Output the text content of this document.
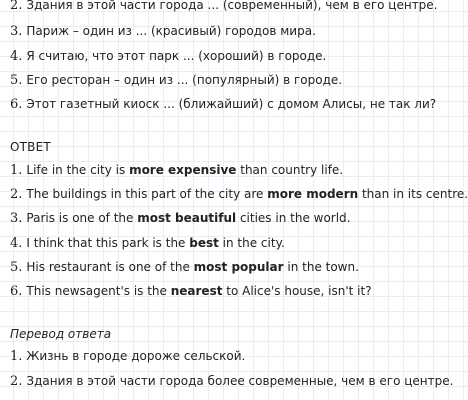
2. Здания в этой части города ... (современный), чем в его центре.
3. Париж – один из ... (красивый) городов мира.
4. Я считаю, что этот парк ... (хороший) в городе.
5. Его ресторан – один из ... (популярный) в городе.
6. Этот газетный киоск ... (ближайший) с домом Алисы, не так ли?
ОТВЕТ
1. Life in the city is more expensive than country life.
2. The buildings in this part of the city are more modern than in its centre.
3. Paris is one of the most beautiful cities in the world.
4. I think that this park is the best in the city.
5. His restaurant is one of the most popular in the town.
6. This newsagent's is the nearest to Alice's house, isn't it?
Перевод ответа
1. Жизнь в городе дороже сельской.
2. Здания в этой части города более современные, чем в его центре.
